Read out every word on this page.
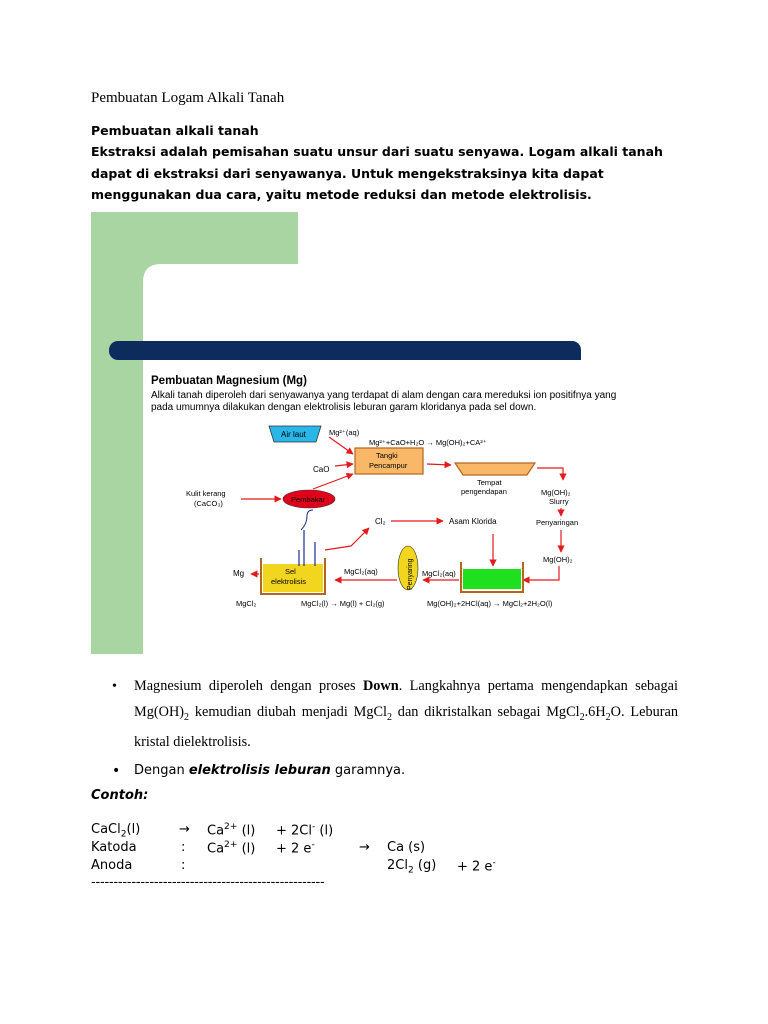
Pembuatan Logam Alkali Tanah
Pembuatan alkali tanah
Ekstraksi adalah pemisahan suatu unsur dari suatu senyawa. Logam alkali tanah dapat di ekstraksi dari senyawanya. Untuk mengekstraksinya kita dapat menggunakan dua cara, yaitu metode reduksi dan metode elektrolisis.
Pembuatan Magnesium (Mg)
Alkali tanah diperoleh dari senyawanya yang terdapat di alam dengan cara mereduksi ion positifnya yang pada umumnya dilakukan dengan elektrolisis leburan garam kloridanya pada sel down.
Air laut	Mg²⁺(aq)
Mg²⁺+CaO+H₂O → Mg(OH)₂+CA²⁺
Tangki
Pencampur
CaO
Tempat
pengendapan
Kulit kerang
(CaCO₃)	Pembakar
Mg(OH)₂
Slurry
Penyaringan
Mg(OH)₂
Cl₂	Asam Klorida
Penyaring MgCl₂(aq)
MgCl₂(aq)
Sel
elektrolisis
Mg
MgCl₂	MgCl₂(l) → Mg(l) + Cl₂(g)	Mg(OH)₂+2HCl(aq) → MgCl₂+2H₂O(l)
• Magnesium diperoleh dengan proses Down. Langkahnya pertama mengendapkan sebagai $Mg(OH)_2$ kemudian diubah menjadi MgCl$_2$ dan dikristalkan sebagai $MgCl_2.6H_2O$. Leburan kristal dielektrolisis.
• Dengan elektrolisis leburan garamnya.
Contoh:
CaCl$_2$(l)	→ $Ca^{2+}$ (l) + 2Cl- (l)
Katoda	: $Ca^{2+}$ (l) + 2 e-	→ Ca (s)
Anoda	:	$2Cl_2$ (g) + 2 e-
----------------------------------------------------
